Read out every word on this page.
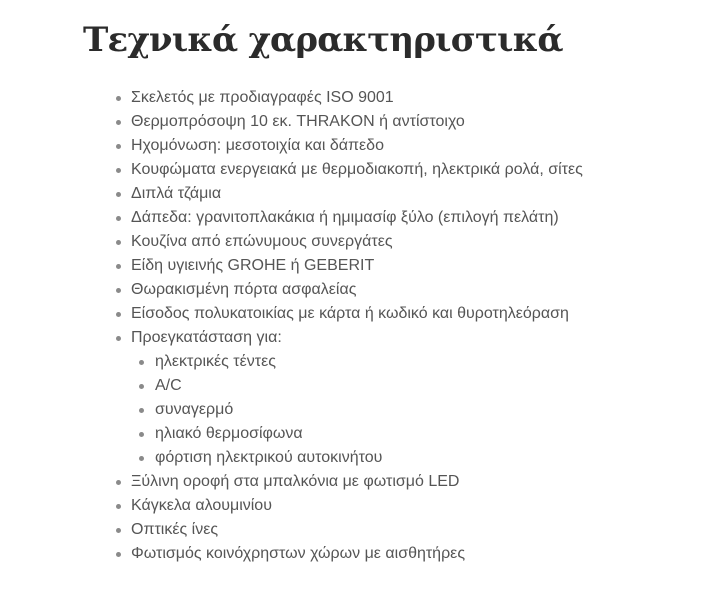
Τεχνικά χαρακτηριστικά
Σκελετός με προδιαγραφές ISO 9001
Θερμοπρόσοψη 10 εκ. THRAKON ή αντίστοιχο
Ηχομόνωση: μεσοτοιχία και δάπεδο
Κουφώματα ενεργειακά με θερμοδιακοπή, ηλεκτρικά ρολά, σίτες
Διπλά τζάμια
Δάπεδα: γρανιτοπλακάκια ή ημιμασίφ ξύλο (επιλογή πελάτη)
Κουζίνα από επώνυμους συνεργάτες
Είδη υγιεινής GROHE ή GEBERIT
Θωρακισμένη πόρτα ασφαλείας
Είσοδος πολυκατοικίας με κάρτα ή κωδικό και θυροτηλεόραση
Προεγκατάσταση για:
ηλεκτρικές τέντες
A/C
συναγερμό
ηλιακό θερμοσίφωνα
φόρτιση ηλεκτρικού αυτοκινήτου
Ξύλινη οροφή στα μπαλκόνια με φωτισμό LED
Κάγκελα αλουμινίου
Οπτικές ίνες
Φωτισμός κοινόχρηστων χώρων με αισθητήρες
